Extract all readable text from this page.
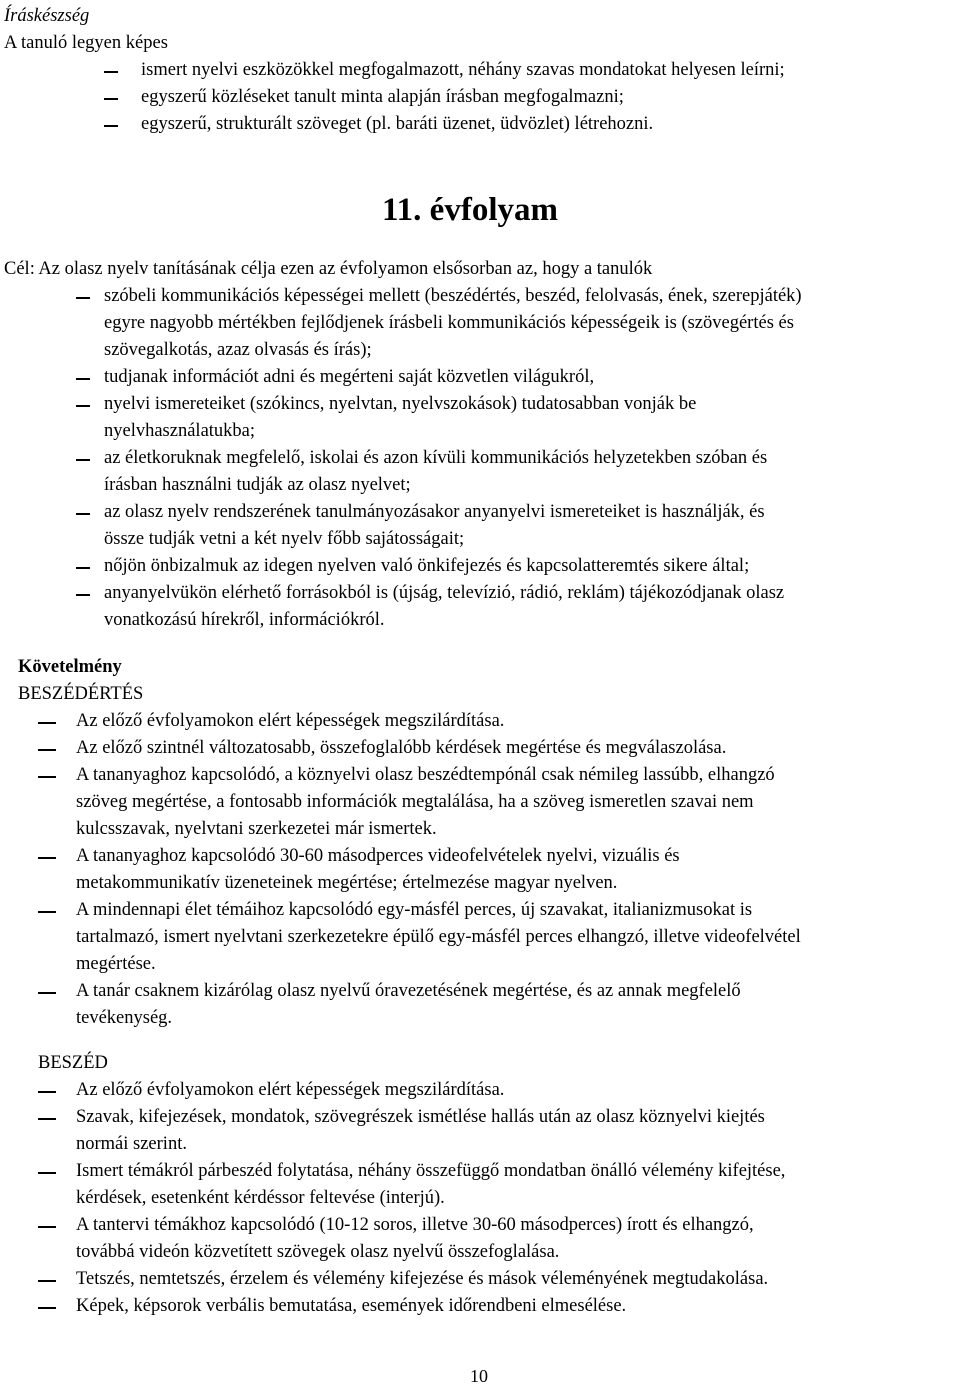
Íráskészség
A tanuló legyen képes
ismert nyelvi eszközökkel megfogalmazott, néhány szavas mondatokat helyesen leírni;
egyszerű közléseket tanult minta alapján írásban megfogalmazni;
egyszerű, strukturált szöveget (pl. baráti üzenet, üdvözlet) létrehozni.
11. évfolyam
Cél: Az olasz nyelv tanításának célja ezen az évfolyamon elsősorban az, hogy a tanulók
szóbeli kommunikációs képességei mellett (beszédértés, beszéd, felolvasás, ének, szerepjáték)
egyre nagyobb mértékben fejlődjenek írásbeli kommunikációs képességeik is (szövegértés és
szövegalkotás, azaz olvasás és írás);
tudjanak információt adni és megérteni saját közvetlen világukról,
nyelvi ismereteiket (szókincs, nyelvtan, nyelvszokások) tudatosabban vonják be
nyelvhasználatukba;
az életkoruknak megfelelő, iskolai és azon kívüli kommunikációs helyzetekben szóban és
írásban használni tudják az olasz nyelvet;
az olasz nyelv rendszerének tanulmányozásakor anyanyelvi ismereteiket is használják, és
össze tudják vetni a két nyelv főbb sajátosságait;
nőjön önbizalmuk az idegen nyelven való önkifejezés és kapcsolatteremtés sikere által;
anyanyelvükön elérhető forrásokból is (újság, televízió, rádió, reklám) tájékozódjanak olasz
vonatkozású hírekről, információkról.
Követelmény
BESZÉDÉRTÉS
Az előző évfolyamokon elért képességek megszilárdítása.
Az előző szintnél változatosabb, összefoglalóbb kérdések megértése és megválaszolása.
A tananyaghoz kapcsolódó, a köznyelvi olasz beszédtempónál csak némileg lassúbb, elhangzó
szöveg megértése, a fontosabb információk megtalálása, ha a szöveg ismeretlen szavai nem
kulcsszavak, nyelvtani szerkezetei már ismertek.
A tananyaghoz kapcsolódó 30-60 másodperces videofelvételek nyelvi, vizuális és
metakommunikatív üzeneteinek megértése; értelmezése magyar nyelven.
A mindennapi élet témáihoz kapcsolódó egy-másfél perces, új szavakat, italianizmusokat is
tartalmazó, ismert nyelvtani szerkezetekre épülő egy-másfél perces elhangzó, illetve videofelvétel
megértése.
A tanár csaknem kizárólag olasz nyelvű óravezetésének megértése, és az annak megfelelő
tevékenység.
BESZÉD
Az előző évfolyamokon elért képességek megszilárdítása.
Szavak, kifejezések, mondatok, szövegrészek ismétlése hallás után az olasz köznyelvi kiejtés
normái szerint.
Ismert témákról párbeszéd folytatása, néhány összefüggő mondatban önálló vélemény kifejtése,
kérdések, esetenként kérdéssor feltevése (interjú).
A tantervi témákhoz kapcsolódó (10-12 soros, illetve 30-60 másodperces) írott és elhangzó,
továbbá videón közvetített szövegek olasz nyelvű összefoglalása.
Tetszés, nemtetszés, érzelem és vélemény kifejezése és mások véleményének megtudakolása.
Képek, képsorok verbális bemutatása, események időrendbeni elmesélése.
10
